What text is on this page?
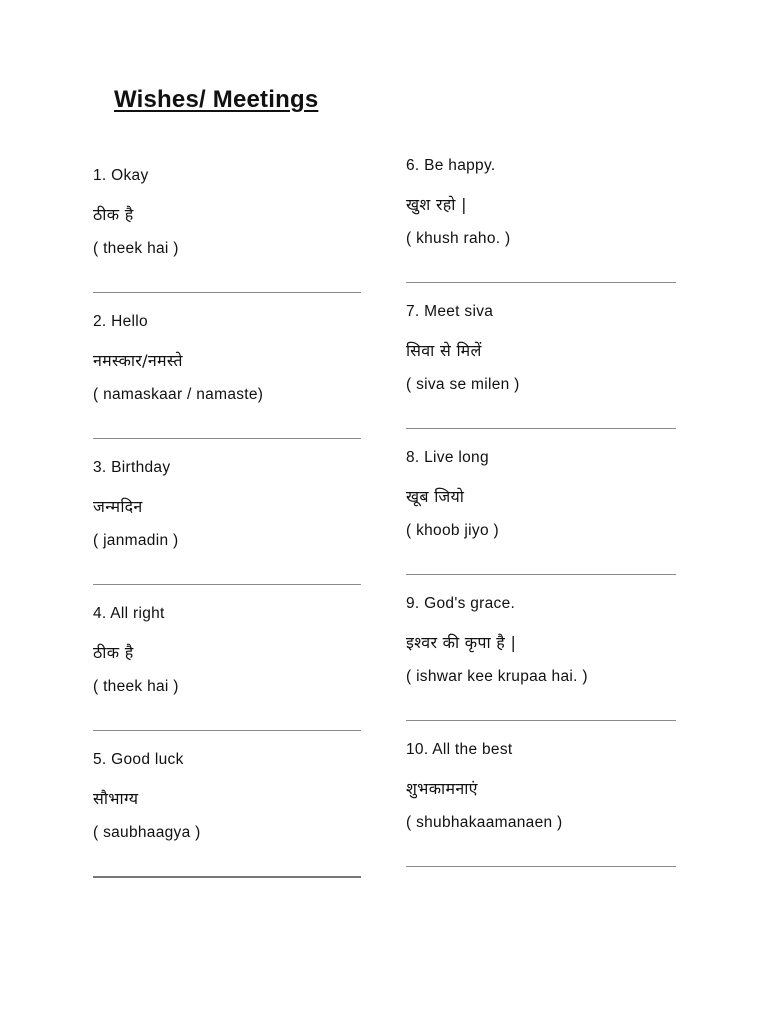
Wishes/ Meetings
1. Okay
ठीक है
( theek hai )
2. Hello
नमस्कार/नमस्ते
( namaskaar / namaste)
3. Birthday
जन्मदिन
( janmadin )
4. All right
ठीक है
( theek hai )
5. Good luck
सौभाग्य
( saubhaagya )
6. Be happy.
खुश रहो |
( khush raho. )
7. Meet siva
सिवा से मिलें
( siva se milen )
8. Live long
खूब जियो
( khoob jiyo )
9. God's grace.
इश्वर की कृपा है |
( ishwar kee krupaa hai. )
10. All the best
शुभकामनाएं
( shubhakaamanaen )
